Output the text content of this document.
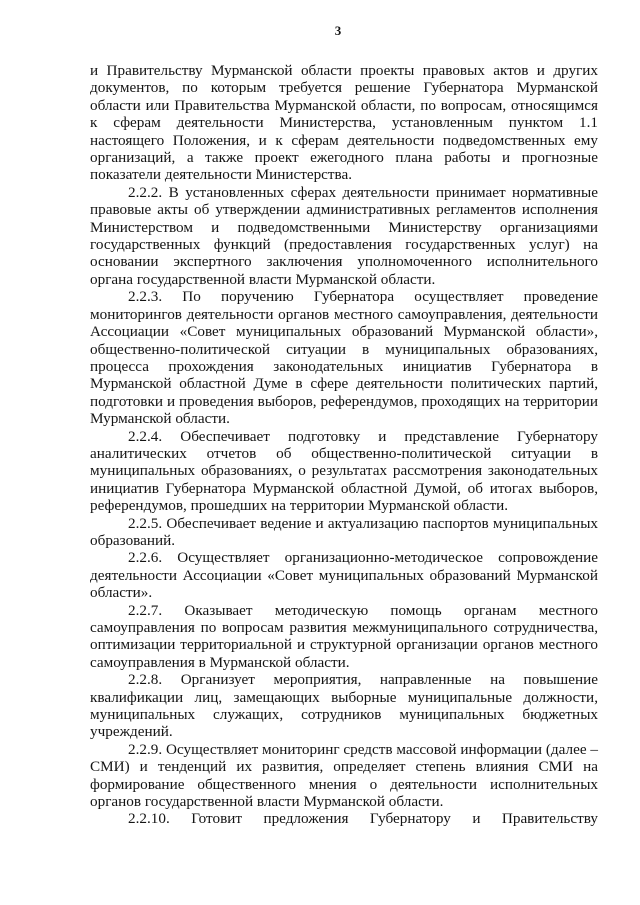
3

и Правительству Мурманской области проекты правовых актов и других документов, по которым требуется решение Губернатора Мурманской области или Правительства Мурманской области, по вопросам, относящимся к сферам деятельности Министерства, установленным пунктом 1.1 настоящего Положения, и к сферам деятельности подведомственных ему организаций, а также проект ежегодного плана работы и прогнозные показатели деятельности Министерства.

2.2.2. В установленных сферах деятельности принимает нормативные правовые акты об утверждении административных регламентов исполнения Министерством и подведомственными Министерству организациями государственных функций (предоставления государственных услуг) на основании экспертного заключения уполномоченного исполнительного органа государственной власти Мурманской области.

2.2.3. По поручению Губернатора осуществляет проведение мониторингов деятельности органов местного самоуправления, деятельности Ассоциации «Совет муниципальных образований Мурманской области», общественно-политической ситуации в муниципальных образованиях, процесса прохождения законодательных инициатив Губернатора в Мурманской областной Думе в сфере деятельности политических партий, подготовки и проведения выборов, референдумов, проходящих на территории Мурманской области.

2.2.4. Обеспечивает подготовку и представление Губернатору аналитических отчетов об общественно-политической ситуации в муниципальных образованиях, о результатах рассмотрения законодательных инициатив Губернатора Мурманской областной Думой, об итогах выборов, референдумов, прошедших на территории Мурманской области.

2.2.5. Обеспечивает ведение и актуализацию паспортов муниципальных образований.

2.2.6. Осуществляет организационно-методическое сопровождение деятельности Ассоциации «Совет муниципальных образований Мурманской области».

2.2.7. Оказывает методическую помощь органам местного самоуправления по вопросам развития межмуниципального сотрудничества, оптимизации территориальной и структурной организации органов местного самоуправления в Мурманской области.

2.2.8. Организует мероприятия, направленные на повышение квалификации лиц, замещающих выборные муниципальные должности, муниципальных служащих, сотрудников муниципальных бюджетных учреждений.

2.2.9. Осуществляет мониторинг средств массовой информации (далее – СМИ) и тенденций их развития, определяет степень влияния СМИ на формирование общественного мнения о деятельности исполнительных органов государственной власти Мурманской области.

2.2.10. Готовит предложения Губернатору и Правительству
